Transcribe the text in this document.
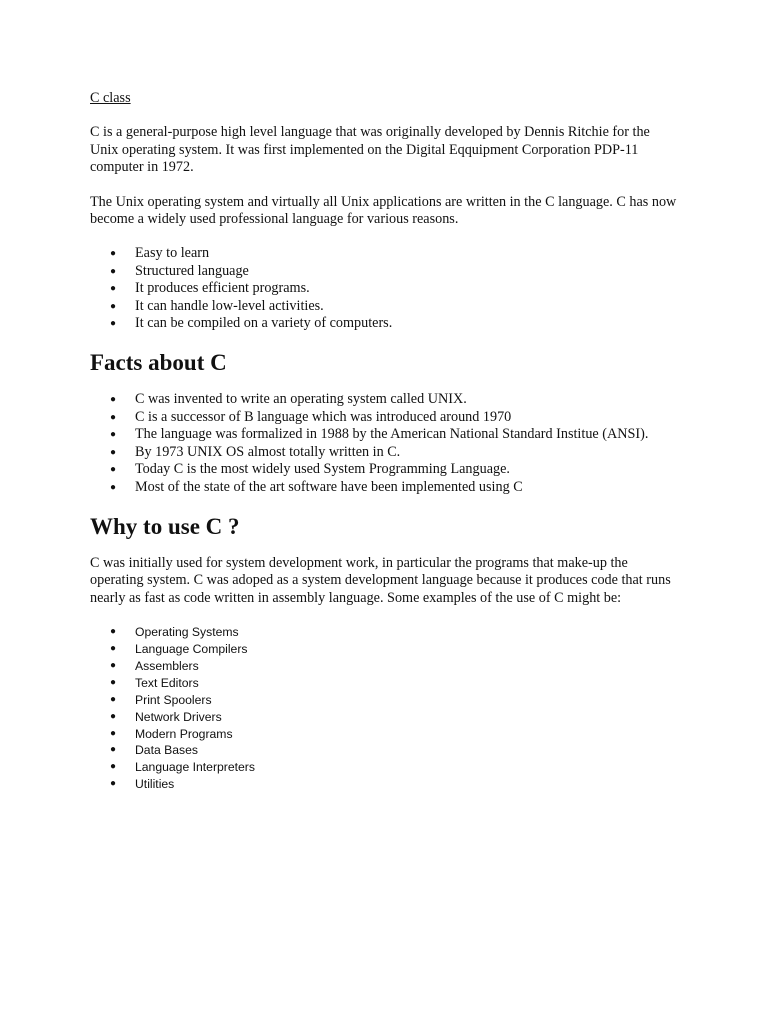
C class

C is a general-purpose high level language that was originally developed by Dennis Ritchie for the Unix operating system. It was first implemented on the Digital Eqquipment Corporation PDP-11 computer in 1972.

The Unix operating system and virtually all Unix applications are written in the C language. C has now become a widely used professional language for various reasons.

● Easy to learn
● Structured language
● It produces efficient programs.
● It can handle low-level activities.
● It can be compiled on a variety of computers.
Facts about C
● C was invented to write an operating system called UNIX.
● C is a successor of B language which was introduced around 1970
● The language was formalized in 1988 by the American National Standard Institue (ANSI).
● By 1973 UNIX OS almost totally written in C.
● Today C is the most widely used System Programming Language.
● Most of the state of the art software have been implemented using C
Why to use C ?

C was initially used for system development work, in particular the programs that make-up the operating system. C was adoped as a system development language because it produces code that runs nearly as fast as code written in assembly language. Some examples of the use of C might be:

● Operating Systems
● Language Compilers
● Assemblers
● Text Editors
● Print Spoolers
● Network Drivers
● Modern Programs
● Data Bases
● Language Interpreters
● Utilities
